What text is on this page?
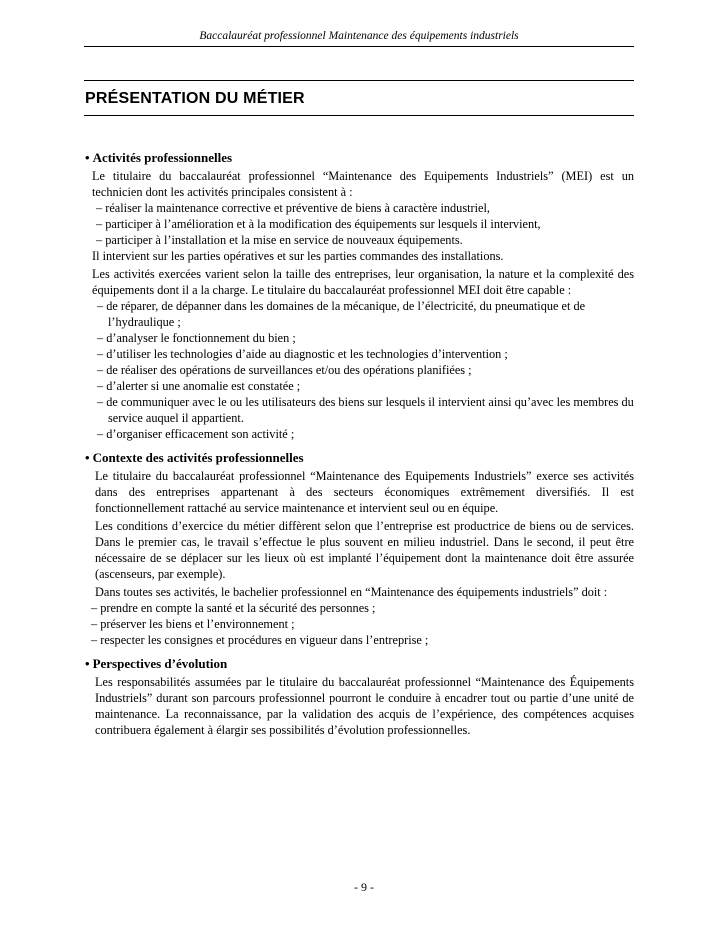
Baccalauréat professionnel Maintenance des équipements industriels
PRÉSENTATION DU MÉTIER

• Activités professionnelles

Le titulaire du baccalauréat professionnel “Maintenance des Equipements Industriels” (MEI) est un technicien dont les activités principales consistent à :

– réaliser la maintenance corrective et préventive de biens à caractère industriel,
– participer à l’amélioration et à la modification des équipements sur lesquels il intervient,
– participer à l’installation et la mise en service de nouveaux équipements.

Il intervient sur les parties opératives et sur les parties commandes des installations.

Les activités exercées varient selon la taille des entreprises, leur organisation, la nature et la complexité des équipements dont il a la charge. Le titulaire du baccalauréat professionnel MEI doit être capable :

– de réparer, de dépanner dans les domaines de la mécanique, de l’électricité, du pneumatique et de l’hydraulique ;
– d’analyser le fonctionnement du bien ;
– d’utiliser les technologies d’aide au diagnostic et les technologies d’intervention ;
– de réaliser des opérations de surveillances et/ou des opérations planifiées ;
– d’alerter si une anomalie est constatée ;
– de communiquer avec le ou les utilisateurs des biens sur lesquels il intervient ainsi qu’avec les membres du service auquel il appartient.
– d’organiser efficacement son activité ;

• Contexte des activités professionnelles

Le titulaire du baccalauréat professionnel “Maintenance des Equipements Industriels” exerce ses activités dans des entreprises appartenant à des secteurs économiques extrêmement diversifiés. Il est fonctionnellement rattaché au service maintenance et intervient seul ou en équipe.

Les conditions d’exercice du métier diffèrent selon que l’entreprise est productrice de biens ou de services. Dans le premier cas, le travail s’effectue le plus souvent en milieu industriel. Dans le second, il peut être nécessaire de se déplacer sur les lieux où est implanté l’équipement dont la maintenance doit être assurée (ascenseurs, par exemple).

Dans toutes ses activités, le bachelier professionnel en “Maintenance des équipements industriels” doit :

– prendre en compte la santé et la sécurité des personnes ;
– préserver les biens et l’environnement ;
– respecter les consignes et procédures en vigueur dans l’entreprise ;

• Perspectives d’évolution

Les responsabilités assumées par le titulaire du baccalauréat professionnel “Maintenance des Équipements Industriels” durant son parcours professionnel pourront le conduire à encadrer tout ou partie d’une unité de maintenance. La reconnaissance, par la validation des acquis de l’expérience, des compétences acquises contribuera également à élargir ses possibilités d’évolution professionnelles.

- 9 -
